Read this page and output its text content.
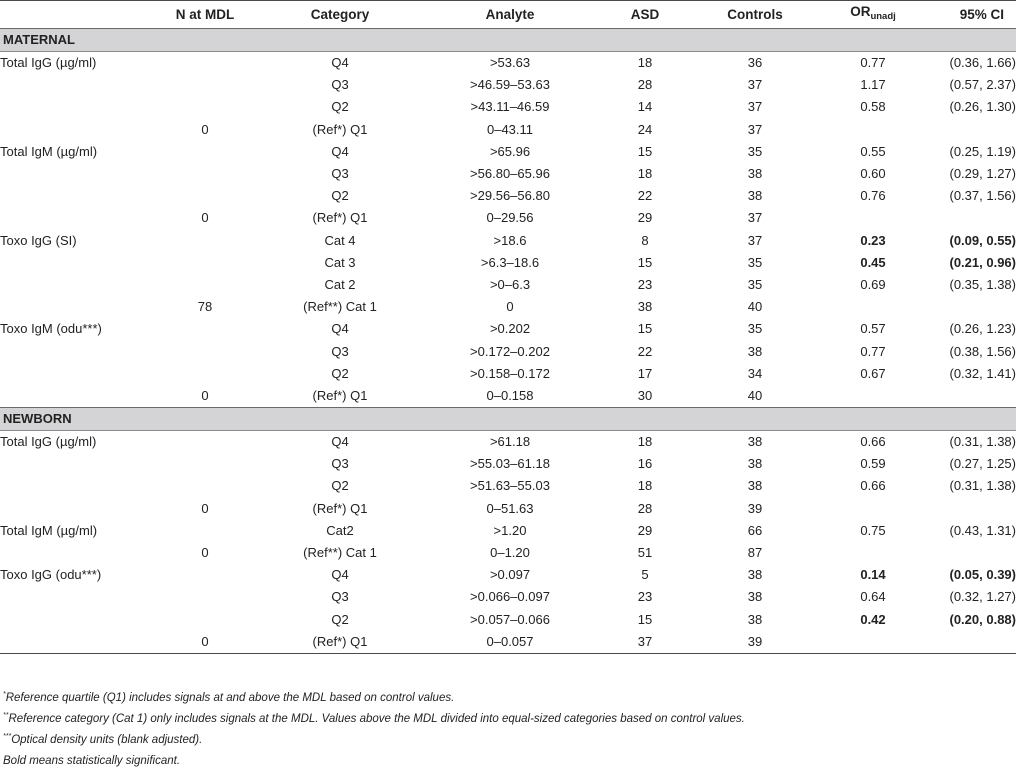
	N at MDL	Category	Analyte	ASD	Controls	$OR_{unadj}$	95% CI
MATERNAL							
Total IgG (µg/ml)		Q4	>53.63	18	36	0.77	(0.36, 1.66)
		Q3	>46.59–53.63	28	37	1.17	(0.57, 2.37)
		Q2	>43.11–46.59	14	37	0.58	(0.26, 1.30)
	0	(Ref*) Q1	0–43.11	24	37		
Total IgM (µg/ml)		Q4	>65.96	15	35	0.55	(0.25, 1.19)
		Q3	>56.80–65.96	18	38	0.60	(0.29, 1.27)
		Q2	>29.56–56.80	22	38	0.76	(0.37, 1.56)
	0	(Ref*) Q1	0–29.56	29	37		
Toxo IgG (SI)		Cat 4	>18.6	8	37	0.23	(0.09, 0.55)
		Cat 3	>6.3–18.6	15	35	0.45	(0.21, 0.96)
		Cat 2	>0–6.3	23	35	0.69	(0.35, 1.38)
	78	(Ref**) Cat 1	0	38	40		
Toxo IgM (odu***)		Q4	>0.202	15	35	0.57	(0.26, 1.23)
		Q3	>0.172–0.202	22	38	0.77	(0.38, 1.56)
		Q2	>0.158–0.172	17	34	0.67	(0.32, 1.41)
	0	(Ref*) Q1	0–0.158	30	40		
NEWBORN							
Total IgG (µg/ml)		Q4	>61.18	18	38	0.66	(0.31, 1.38)
		Q3	>55.03–61.18	16	38	0.59	(0.27, 1.25)
		Q2	>51.63–55.03	18	38	0.66	(0.31, 1.38)
	0	(Ref*) Q1	0–51.63	28	39		
Total IgM (µg/ml)		Cat2	>1.20	29	66	0.75	(0.43, 1.31)
	0	(Ref**) Cat 1	0–1.20	51	87		
Toxo IgG (odu***)		Q4	>0.097	5	38	0.14	(0.05, 0.39)
		Q3	>0.066–0.097	23	38	0.64	(0.32, 1.27)
		Q2	>0.057–0.066	15	38	0.42	(0.20, 0.88)
	0	(Ref*) Q1	0–0.057	37	39		
*Reference quartile (Q1) includes signals at and above the MDL based on control values.
**Reference category (Cat 1) only includes signals at the MDL. Values above the MDL divided into equal-sized categories based on control values.
***Optical density units (blank adjusted).
Bold means statistically significant.
